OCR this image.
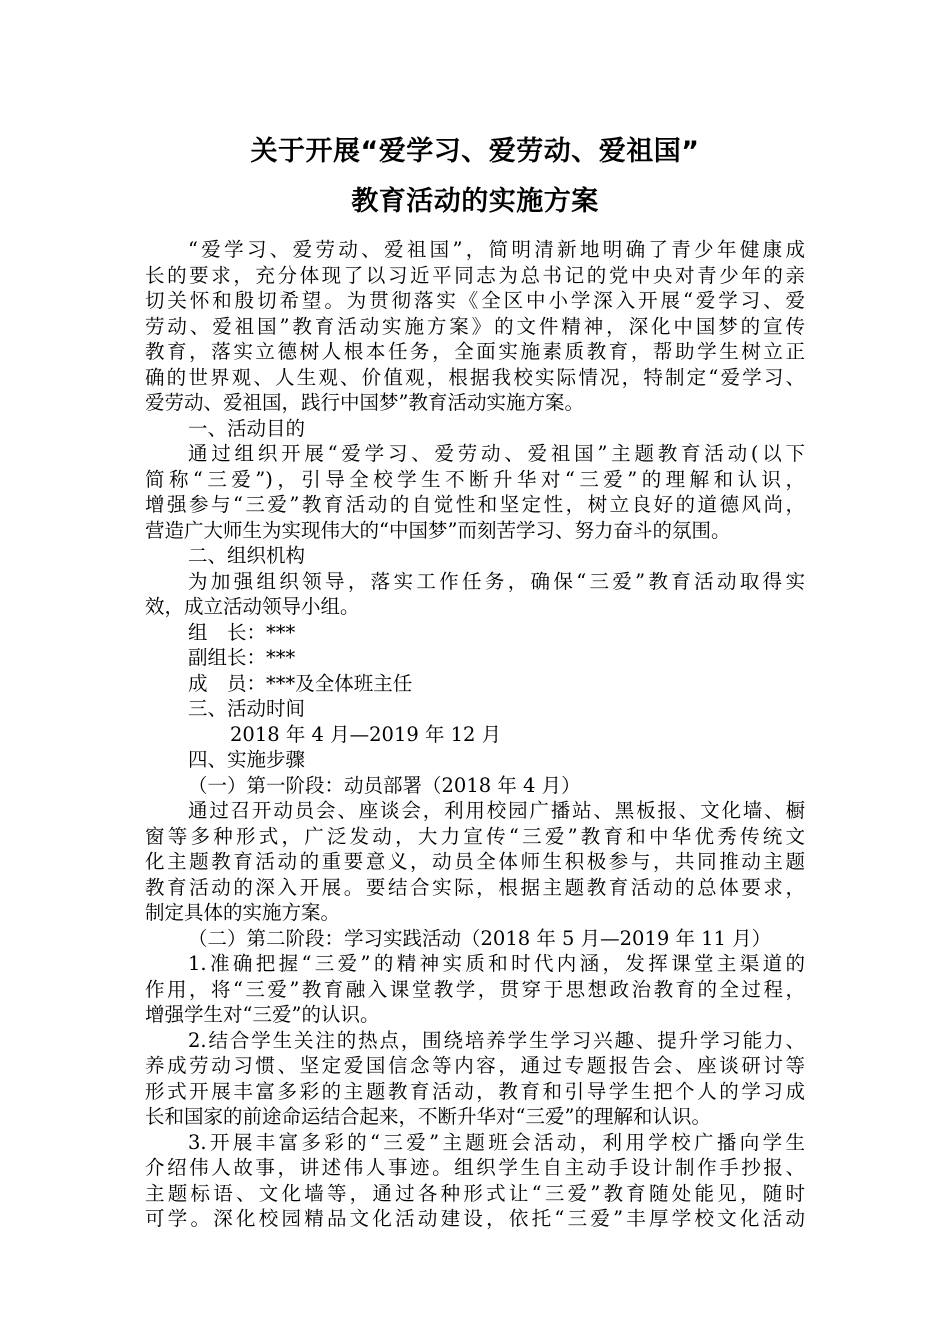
关于开展“爱学习、爱劳动、爱祖国”
教育活动的实施方案
“爱学习、爱劳动、爱祖国”，简明清新地明确了青少年健康成
长的要求，充分体现了以习近平同志为总书记的党中央对青少年的亲
切关怀和殷切希望。为贯彻落实《全区中小学深入开展“爱学习、爱
劳动、爱祖国”教育活动实施方案》的文件精神，深化中国梦的宣传
教育，落实立德树人根本任务，全面实施素质教育，帮助学生树立正
确的世界观、人生观、价值观，根据我校实际情况，特制定“爱学习、
爱劳动、爱祖国，践行中国梦”教育活动实施方案。
一、活动目的
通过组织开展“爱学习、爱劳动、爱祖国”主题教育活动(以下
简称“三爱”)，引导全校学生不断升华对“三爱”的理解和认识，
增强参与“三爱”教育活动的自觉性和坚定性，树立良好的道德风尚，
营造广大师生为实现伟大的“中国梦”而刻苦学习、努力奋斗的氛围。
二、组织机构
为加强组织领导，落实工作任务，确保“三爱”教育活动取得实
效，成立活动领导小组。
组　长：***
副组长：***
成　员：***及全体班主任
三、活动时间
2018 年 4 月—2019 年 12 月
四、实施步骤
（一）第一阶段：动员部署（2018 年 4 月）
通过召开动员会、座谈会，利用校园广播站、黑板报、文化墙、橱
窗等多种形式，广泛发动，大力宣传“三爱”教育和中华优秀传统文
化主题教育活动的重要意义，动员全体师生积极参与，共同推动主题
教育活动的深入开展。要结合实际，根据主题教育活动的总体要求，
制定具体的实施方案。
（二）第二阶段：学习实践活动（2018 年 5 月—2019 年 11 月）
1.准确把握“三爱”的精神实质和时代内涵，发挥课堂主渠道的
作用，将“三爱”教育融入课堂教学，贯穿于思想政治教育的全过程，
增强学生对“三爱”的认识。
2.结合学生关注的热点，围绕培养学生学习兴趣、提升学习能力、
养成劳动习惯、坚定爱国信念等内容，通过专题报告会、座谈研讨等
形式开展丰富多彩的主题教育活动，教育和引导学生把个人的学习成
长和国家的前途命运结合起来，不断升华对“三爱”的理解和认识。
3.开展丰富多彩的“三爱”主题班会活动，利用学校广播向学生
介绍伟人故事，讲述伟人事迹。组织学生自主动手设计制作手抄报、
主题标语、文化墙等，通过各种形式让“三爱”教育随处能见，随时
可学。深化校园精品文化活动建设，依托“三爱”丰厚学校文化活动
